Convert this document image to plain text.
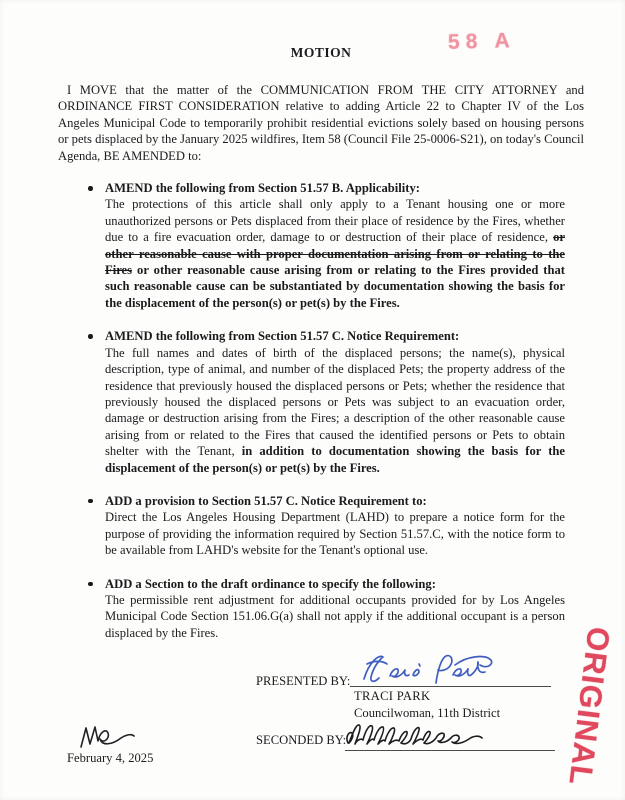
58 A
MOTION

I MOVE that the matter of the COMMUNICATION FROM THE CITY ATTORNEY and ORDINANCE FIRST CONSIDERATION relative to adding Article 22 to Chapter IV of the Los Angeles Municipal Code to temporarily prohibit residential evictions solely based on housing persons or pets displaced by the January 2025 wildfires, Item 58 (Council File 25-0006-S21), on today's Council Agenda, BE AMENDED to:

AMEND the following from Section 51.57 B. Applicability:
The protections of this article shall only apply to a Tenant housing one or more unauthorized persons or Pets displaced from their place of residence by the Fires, whether due to a fire evacuation order, damage to or destruction of their place of residence, or other reasonable cause with proper documentation arising from or relating to the Fires or other reasonable cause arising from or relating to the Fires provided that such reasonable cause can be substantiated by documentation showing the basis for the displacement of the person(s) or pet(s) by the Fires.
AMEND the following from Section 51.57 C. Notice Requirement:
The full names and dates of birth of the displaced persons; the name(s), physical description, type of animal, and number of the displaced Pets; the property address of the residence that previously housed the displaced persons or Pets; whether the residence that previously housed the displaced persons or Pets was subject to an evacuation order, damage or destruction arising from the Fires; a description of the other reasonable cause arising from or related to the Fires that caused the identified persons or Pets to obtain shelter with the Tenant, in addition to documentation showing the basis for the displacement of the person(s) or pet(s) by the Fires.
ADD a provision to Section 51.57 C. Notice Requirement to:
Direct the Los Angeles Housing Department (LAHD) to prepare a notice form for the purpose of providing the information required by Section 51.57.C, with the notice form to be available from LAHD's website for the Tenant's optional use.
ADD a Section to the draft ordinance to specify the following:
The permissible rent adjustment for additional occupants provided for by Los Angeles Municipal Code Section 151.06.G(a) shall not apply if the additional occupant is a person displaced by the Fires.
PRESENTED BY:
TRACI PARK
Councilwoman, 11th District
SECONDED BY:
February 4, 2025	ORIGINAL
